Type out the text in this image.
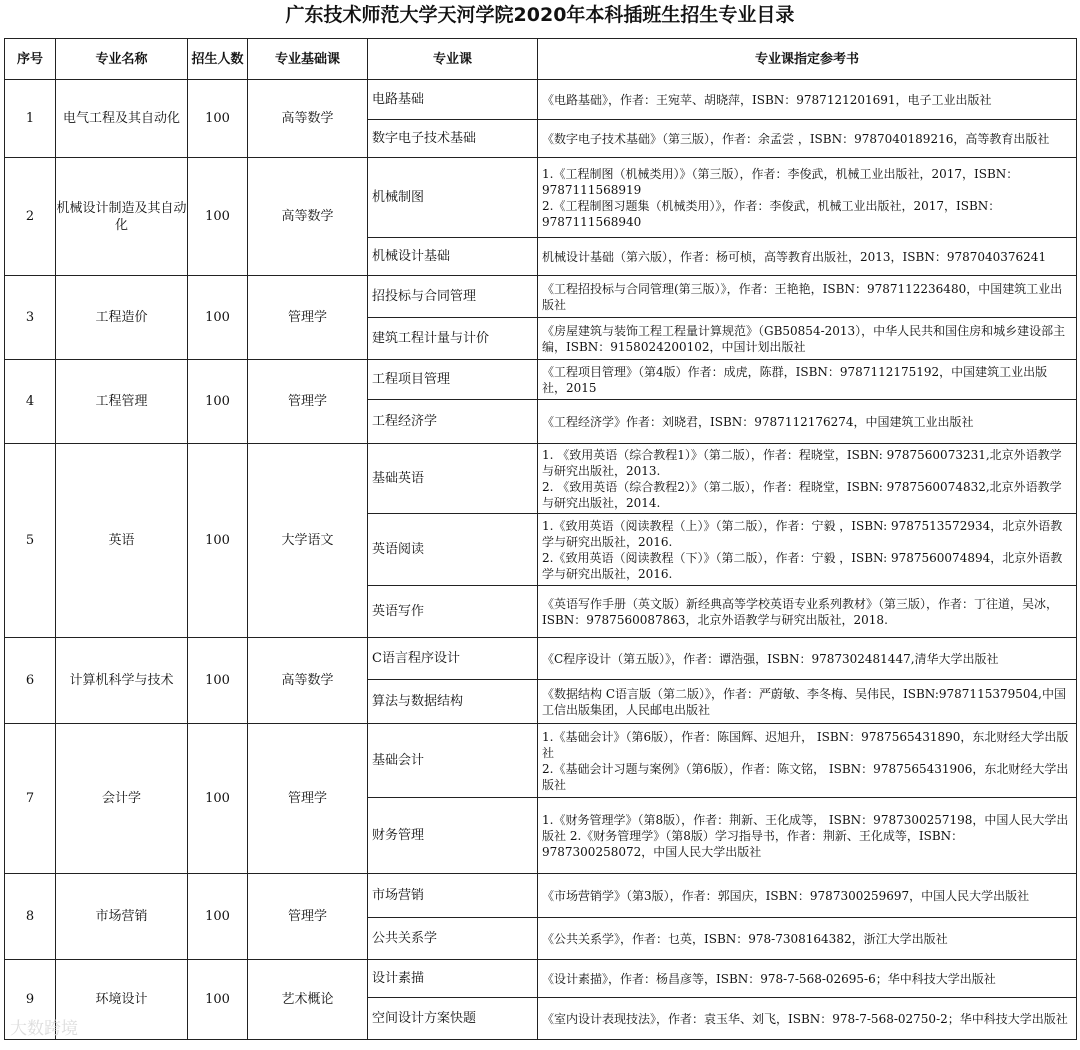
广东技术师范大学天河学院2020年本科插班生招生专业目录
序号	专业名称	招生人数	专业基础课	专业课	专业课指定参考书
1	电气工程及其自动化	100	高等数学	电路基础	《电路基础》，作者：王宛苹、胡晓萍，ISBN：9787121201691，电子工业出版社

				数字电子技术基础	《数字电子技术基础》（第三版），作者：余孟尝 ，ISBN：9787040189216，高等教育出版社

2	机械设计制造及其自动化	100	高等数学	机械制图	1.《工程制图（机械类用）》（第三版），作者：李俊武，机械工业出版社，2017，ISBN：9787111568919
2.《工程制图习题集（机械类用）》，作者：李俊武，机械工业出版社，2017，ISBN：9787111568940

				机械设计基础	机械设计基础（第六版），作者：杨可桢，高等教育出版社，2013，ISBN：9787040376241

3	工程造价	100	管理学	招投标与合同管理	《工程招投标与合同管理(第三版）》，作者：王艳艳，ISBN：9787112236480，中国建筑工业出版社

				建筑工程计量与计价	《房屋建筑与装饰工程工程量计算规范》（GB50854-2013），中华人民共和国住房和城乡建设部主编，ISBN：9158024200102，中国计划出版社

4	工程管理	100	管理学	工程项目管理	《工程项目管理》（第4版）作者：成虎，陈群，ISBN：9787112175192，中国建筑工业出版社，2015

				工程经济学	《工程经济学》作者：刘晓君，ISBN：9787112176274，中国建筑工业出版社

5	英语	100	大学语文	基础英语	1. 《致用英语（综合教程1）》（第二版），作者：程晓堂，ISBN: 9787560073231,北京外语教学与研究出版社，2013.
2. 《致用英语（综合教程2）》（第二版），作者：程晓堂，ISBN: 9787560074832,北京外语教学与研究出版社，2014.

				英语阅读	1.《致用英语（阅读教程（上）》（第二版），作者：宁毅 ，ISBN: 9787513572934，北京外语教学与研究出版社，2016.
2.《致用英语（阅读教程（下）》（第二版），作者：宁毅 ，ISBN: 9787560074894，北京外语教学与研究出版社，2016.

				英语写作	《英语写作手册（英文版）新经典高等学校英语专业系列教材》（第三版），作者：丁往道，吴冰，ISBN：9787560087863，北京外语教学与研究出版社，2018.

6	计算机科学与技术	100	高等数学	C语言程序设计	《C程序设计（第五版）》，作者：谭浩强，ISBN：9787302481447,清华大学出版社

				算法与数据结构	《数据结构 C语言版（第二版）》，作者：严蔚敏、李冬梅、吴伟民，ISBN:9787115379504,中国工信出版集团，人民邮电出版社

7	会计学	100	管理学	基础会计	1.《基础会计》（第6版），作者：陈国辉、迟旭升， ISBN：9787565431890，东北财经大学出版社
2.《基础会计习题与案例》（第6版），作者：陈文铭， ISBN：9787565431906，东北财经大学出版社

				财务管理	1.《财务管理学》（第8版），作者：荆新、王化成等， ISBN：9787300257198，中国人民大学出版社 2.《财务管理学》（第8版）学习指导书，作者：荆新、王化成等，ISBN：9787300258072，中国人民大学出版社

8	市场营销	100	管理学	市场营销	《市场营销学》（第3版），作者：郭国庆，ISBN：9787300259697，中国人民大学出版社

				公共关系学	《公共关系学》，作者：乜英，ISBN：978-7308164382，浙江大学出版社

9	环境设计	100	艺术概论	设计素描	《设计素描》，作者：杨昌彦等，ISBN：978-7-568-02695-6；华中科技大学出版社

				空间设计方案快题	《室内设计表现技法》，作者：袁玉华、刘飞，ISBN：978-7-568-02750-2；华中科技大学出版社
大数跨境
